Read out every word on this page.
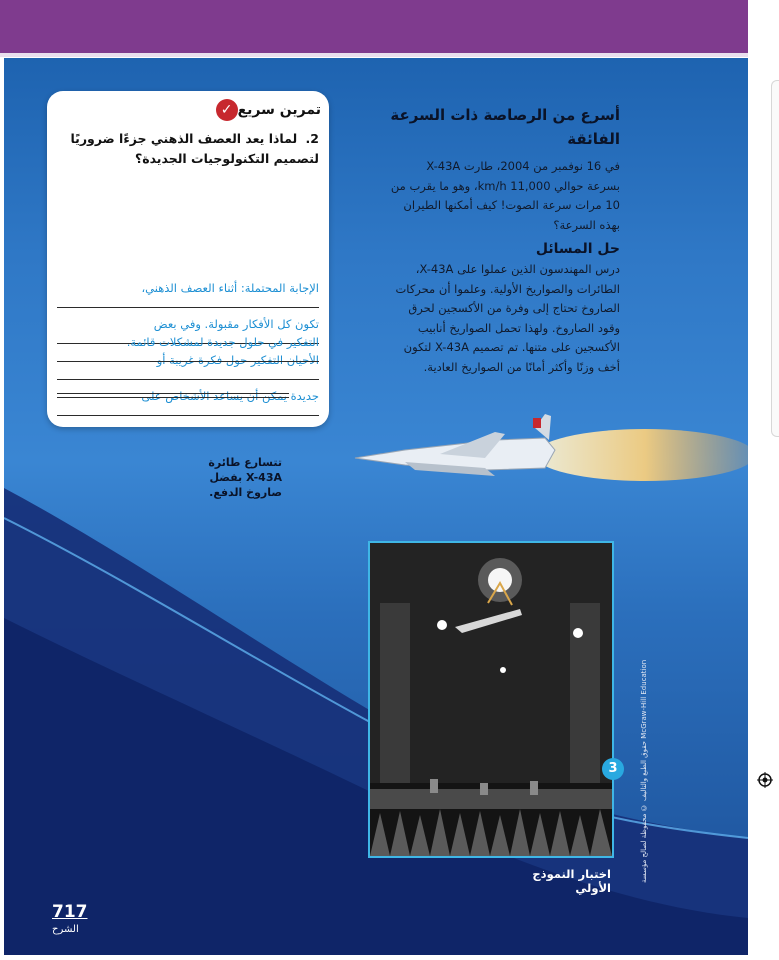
أسرع من الرصاصة ذات السرعة الفائقة

في 16 نوفمبر من 2004، طارت X-43A بسرعة حوالي 11,000 km/h، وهو ما يقرب من 10 مرات سرعة الصوت! كيف أمكنها الطيران بهذه السرعة؟

حل المسائل

درس المهندسون الذين عملوا على X-43A، الطائرات والصواريخ الأولية. وعلموا أن محركات الصاروخ تحتاج إلى وفرة من الأكسجين لحرق وقود الصاروخ. ولهذا تحمل الصواريخ أنابيب الأكسجين على متنها. تم تصميم X-43A لتكون أخف وزنًا وأكثر أمانًا من الصواريخ العادية.

✓ تمرين سريع
2. لماذا يعد العصف الذهني جزءًا ضروريًا لتصميم التكنولوجيات الجديدة؟
الإجابة المحتملة: أثناء العصف الذهني،
تكون كل الأفكار مقبولة. وفي بعض
الأحيان التفكير حول فكرة غريبة أو
جديدة يمكن أن يساعد الأشخاص على
التفكير في حلول جديدة لمشكلات قائمة.
تتسارع طائرة X-43A بفضل صاروخ الدفع.
3
اختبار النموذج الأولي
McGraw-Hill Education حقوق الطبع والتأليف © محفوظة لصالح مؤسسة
717
الشرح
